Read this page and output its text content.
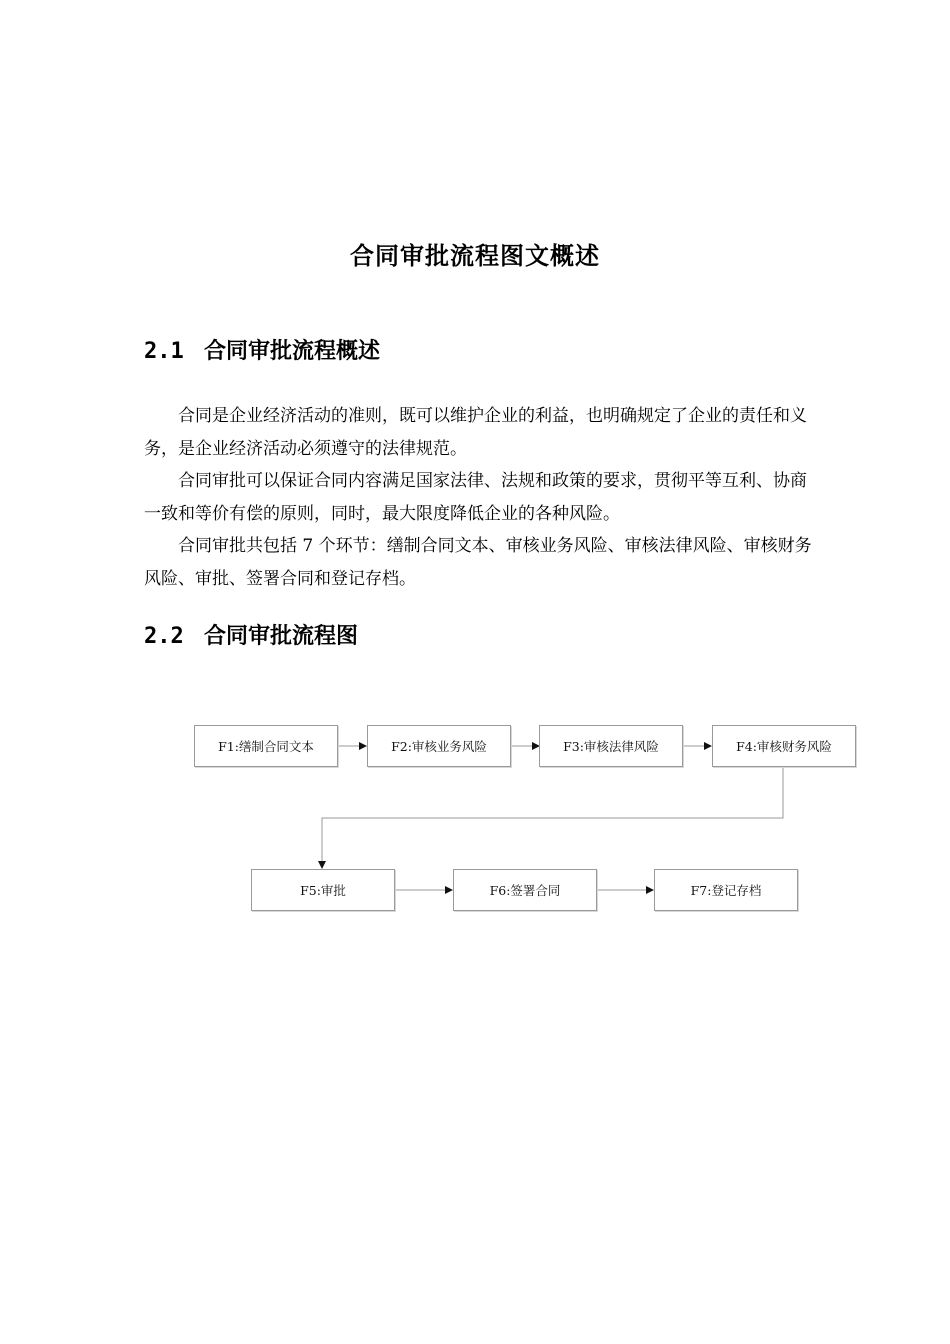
合同审批流程图文概述
2.1 合同审批流程概述

合同是企业经济活动的准则，既可以维护企业的利益，也明确规定了企业的责任和义务，是企业经济活动必须遵守的法律规范。

合同审批可以保证合同内容满足国家法律、法规和政策的要求，贯彻平等互利、协商一致和等价有偿的原则，同时，最大限度降低企业的各种风险。

合同审批共包括 7 个环节：缮制合同文本、审核业务风险、审核法律风险、审核财务风险、审批、签署合同和登记存档。

2.2 合同审批流程图
F1:缮制合同文本	F2:审核业务风险	F3:审核法律风险	F4:审核财务风险
F5:审批	F6:签署合同	F7:登记存档
